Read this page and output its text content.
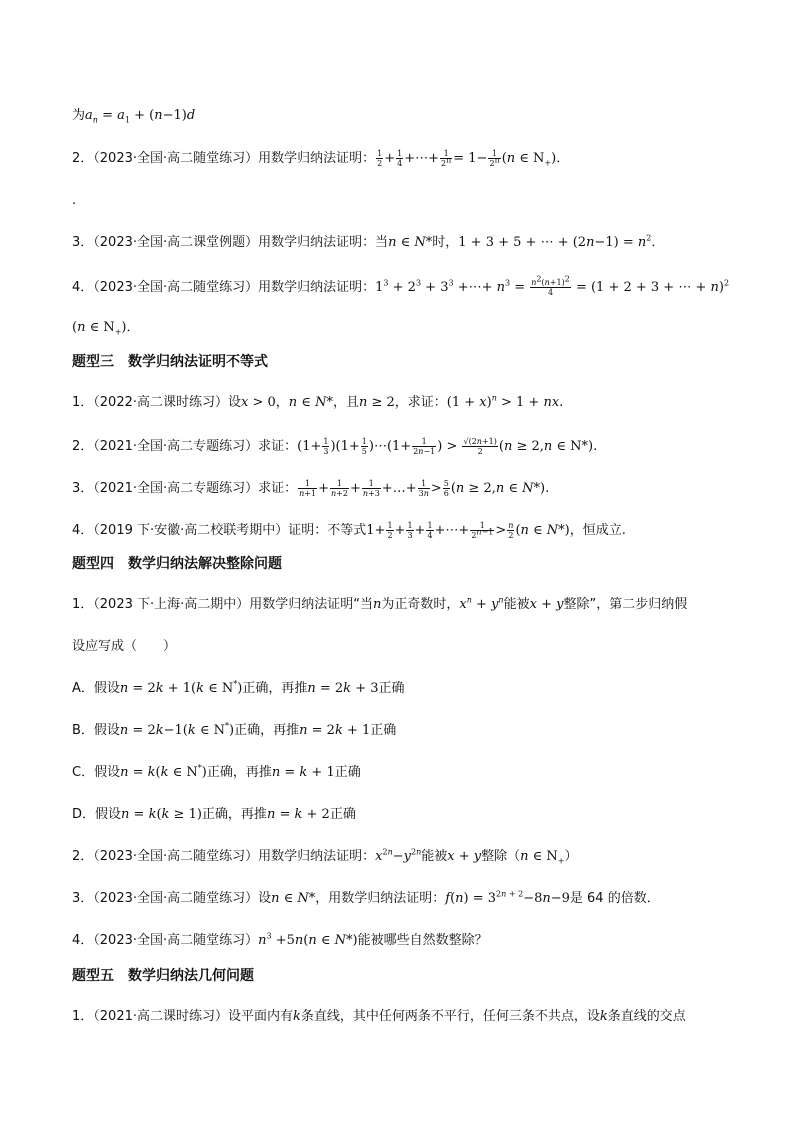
为$a_n = a_1 + (n-1)d$
2．（2023·全国·高二随堂练习）用数学归纳法证明： $\frac{1}{2} + \frac{1}{4}$ +⋯+ $\frac{1}{2^n} = 1- \frac{1}{2^n} (n$ ∈ $N_+$)．
.
3．（2023·全国·高二课堂例题）用数学归纳法证明：当n ∈ N*时，1 + 3 + 5 + ⋯ + $(2n-1) = n^2$．
4．（2023·全国·高二随堂练习）用数学归纳法证明：$1^3 + 2^3 + 3^3$ +⋯+ $n^3 = \frac{n^2(n+1)^2}{4} = (1 + 2 + 3$ + ⋯ + n)$^2$
(n ∈ $N_+$)．
题型三　数学归纳法证明不等式
1．（2022·高二课时练习）设x > 0，n ∈ N*，且n ≥ 2，求证：$(1 + x)^n > 1$ + nx.
2．（2021·全国·高二专题练习）求证：$(1+ \frac{1}{3} )(1+ \frac{1}{5}$ )⋯(1+ $\frac{1}{2n-1}$ ) > $\frac{√(2n+1)}{2} (n \ge 2,n$ ∈ N*).
3．（2021·全国·高二专题练习）求证： $\frac{1}{n+1} + \frac{1}{n+2} + \frac{1}{n+3}$ +…+ $\frac{1}{3n} > \frac{5}{6} (n \ge 2,n$ ∈ N*).
4．（2019 下·安徽·高二校联考期中）证明：不等式$1+ \frac{1}{2} + \frac{1}{3} + \frac{1}{4}$ +⋯+ $\frac{1}{2^{n-1}} > \frac{n}{2} (n$ ∈ N*)，恒成立.
题型四　数学归纳法解决整除问题
1．（2023 下·上海·高二期中）用数学归纳法证明“当n为正奇数时，$x^n + y^n$能被x + y整除”，第二步归纳假
设应写成（　　）
A．假设n = 2k + 1(k ∈ N*)正确，再推n = 2k + 3正确
B．假设n = 2k−1(k ∈ N*)正确，再推n = 2k + 1正确
C．假设n = k(k ∈ N*)正确，再推n = k + 1正确
D．假设n = k(k ≥ 1)正确，再推n = k + 2正确
2．（2023·全国·高二随堂练习）用数学归纳法证明：$x^{2n}-y^{2n}$能被x + y整除（n ∈ $N_+$）
3．（2023·全国·高二随堂练习）设n ∈ N*，用数学归纳法证明：$f(n) = 3^{2n + 2}-8n-9$是 64 的倍数．
4．（2023·全国·高二随堂练习）$n^3 +5n(n$ ∈ N*)能被哪些自然数整除？
题型五　数学归纳法几何问题
1．（2021·高二课时练习）设平面内有k条直线，其中任何两条不平行，任何三条不共点，设k条直线的交点
